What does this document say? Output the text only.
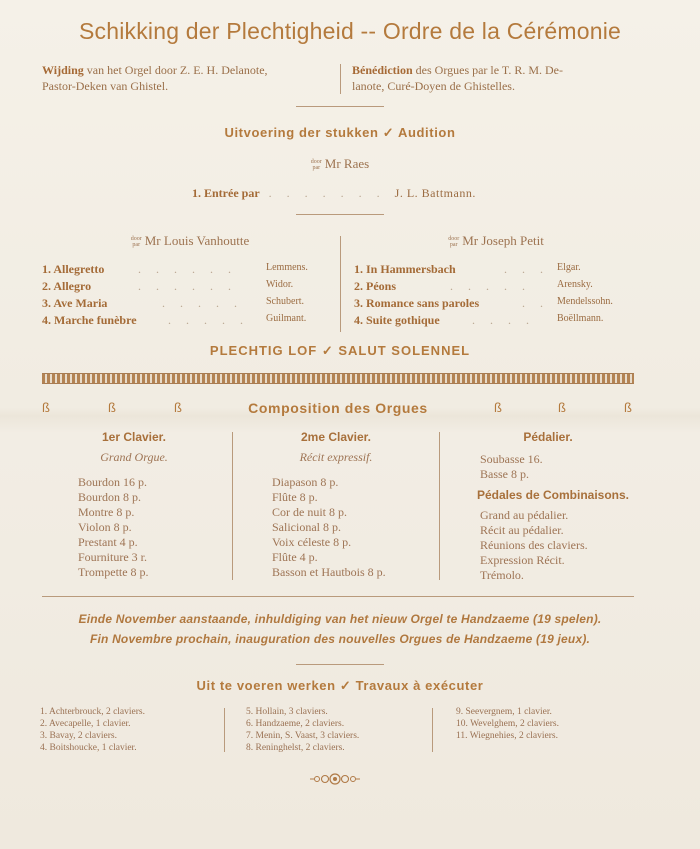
Schikking der Plechtigheid -- Ordre de la Cérémonie
Wijding van het Orgel door Z. E. H. Delanote,
Pastor-Deken van Ghistel.
Bénédiction des Orgues par le T. R. M. De-
lanote, Curé-Doyen de Ghistelles.
Uitvoering der stukken ✓ Audition
door
par Mr Raes
1. Entrée par . . . . . . . J. L. Battmann.
door
par Mr Louis Vanhoutte	door
par Mr Joseph Petit
1. Allegretto	. . . . . .	Lemmens.
2. Allegro	. . . . . .	Widor.
3. Ave Maria	. . . . . Schubert.
4. Marche funèbre	. . . . . Guilmant.
1. In Hammersbach	. . . Elgar.
2. Péons	. . . . .	Arensky.
3. Romance sans paroles	. . Mendelssohn.
4. Suite gothique	. . . . Boëllmann.
PLECHTIG LOF ✓ SALUT SOLENNEL
ß	ß	ß	Composition des Orgues	ß	ß	ß
1er Clavier.
Grand Orgue.
Bourdon 16 p.
Bourdon 8 p.
Montre 8 p.
Violon 8 p.
Prestant 4 p.
Fourniture 3 r.
Trompette 8 p.
2me Clavier.
Récit expressif.
Diapason 8 p.
Flûte 8 p.
Cor de nuit 8 p.
Salicional 8 p.
Voix céleste 8 p.
Flûte 4 p.
Basson et Hautbois 8 p.
Pédalier.
Soubasse 16.
Basse 8 p.
Pédales de Combinaisons.
Grand au pédalier.
Récit au pédalier.
Réunions des claviers.
Expression Récit.
Trémolo.
Einde November aanstaande, inhuldiging van het nieuw Orgel te Handzaeme (19 spelen).
Fin Novembre prochain, inauguration des nouvelles Orgues de Handzaeme (19 jeux).
Uit te voeren werken ✓ Travaux à exécuter
1. Achterbrouck, 2 claviers.
2. Avecapelle, 1 clavier.
3. Bavay, 2 claviers.
4. Boitshoucke, 1 clavier.
5. Hollain, 3 claviers.
6. Handzaeme, 2 claviers.
7. Menin, S. Vaast, 3 claviers.
8. Reninghelst, 2 claviers.
9. Seevergnem, 1 clavier.
10. Wevelghem, 2 claviers.
11. Wiegnehies, 2 claviers.
